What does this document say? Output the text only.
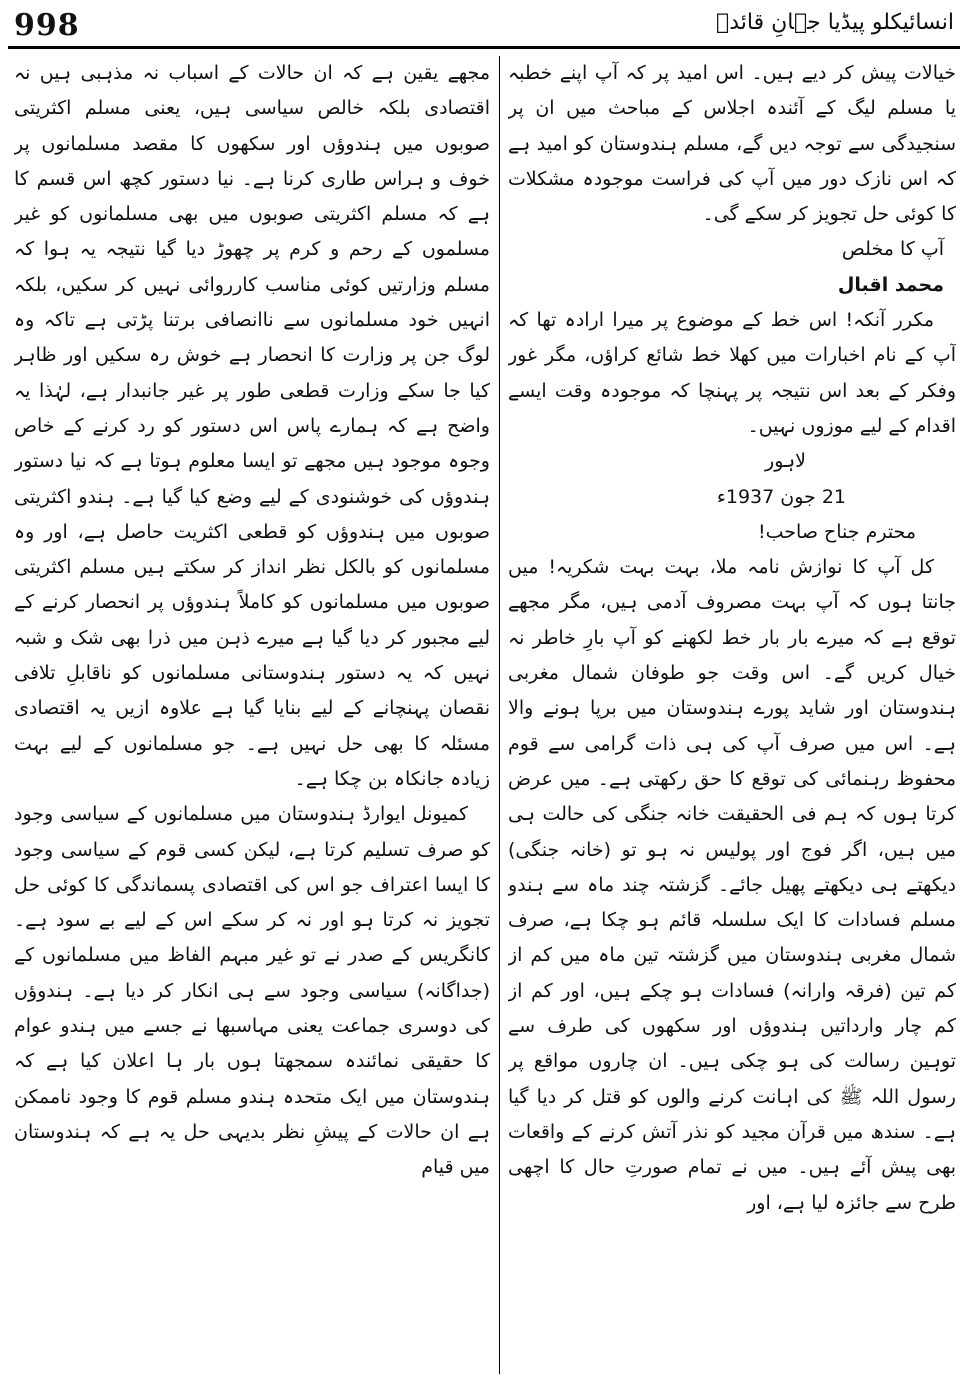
998	انسائیکلو پیڈیا جہانِ قائدؒ

خیالات پیش کر دیے ہیں۔ اس امید پر کہ آپ اپنے خطبہ یا مسلم لیگ کے آئندہ اجلاس کے مباحث میں ان پر سنجیدگی سے توجہ دیں گے، مسلم ہندوستان کو امید ہے کہ اس نازک دور میں آپ کی فراست موجودہ مشکلات کا کوئی حل تجویز کر سکے گی۔

آپ کا مخلص

محمد اقبال

مکرر آنکہ! اس خط کے موضوع پر میرا ارادہ تھا کہ آپ کے نام اخبارات میں کھلا خط شائع کراؤں، مگر غور وفکر کے بعد اس نتیجہ پر پہنچا کہ موجودہ وقت ایسے اقدام کے لیے موزوں نہیں۔

لاہور

21 جون 1937ء

محترم جناح صاحب!

کل آپ کا نوازش نامہ ملا، بہت بہت شکریہ! میں جانتا ہوں کہ آپ بہت مصروف آدمی ہیں، مگر مجھے توقع ہے کہ میرے بار بار خط لکھنے کو آپ بارِ خاطر نہ خیال کریں گے۔ اس وقت جو طوفان شمال مغربی ہندوستان اور شاید پورے ہندوستان میں برپا ہونے والا ہے۔ اس میں صرف آپ کی ہی ذات گرامی سے قوم محفوظ رہنمائی کی توقع کا حق رکھتی ہے۔ میں عرض کرتا ہوں کہ ہم فی الحقیقت خانہ جنگی کی حالت ہی میں ہیں، اگر فوج اور پولیس نہ ہو تو (خانہ جنگی) دیکھتے ہی دیکھتے پھیل جائے۔ گزشتہ چند ماہ سے ہندو مسلم فسادات کا ایک سلسلہ قائم ہو چکا ہے، صرف شمال مغربی ہندوستان میں گزشتہ تین ماہ میں کم از کم تین (فرقہ وارانہ) فسادات ہو چکے ہیں، اور کم از کم چار وارداتیں ہندوؤں اور سکھوں کی طرف سے توہین رسالت کی ہو چکی ہیں۔ ان چاروں مواقع پر رسول اللہ ﷺ کی اہانت کرنے والوں کو قتل کر دیا گیا ہے۔ سندھ میں قرآن مجید کو نذر آتش کرنے کے واقعات بھی پیش آئے ہیں۔ میں نے تمام صورتِ حال کا اچھی طرح سے جائزہ لیا ہے، اور

مجھے یقین ہے کہ ان حالات کے اسباب نہ مذہبی ہیں نہ اقتصادی بلکہ خالص سیاسی ہیں، یعنی مسلم اکثریتی صوبوں میں ہندوؤں اور سکھوں کا مقصد مسلمانوں پر خوف و ہراس طاری کرنا ہے۔ نیا دستور کچھ اس قسم کا ہے کہ مسلم اکثریتی صوبوں میں بھی مسلمانوں کو غیر مسلموں کے رحم و کرم پر چھوڑ دیا گیا نتیجہ یہ ہوا کہ مسلم وزارتیں کوئی مناسب کارروائی نہیں کر سکیں، بلکہ انہیں خود مسلمانوں سے ناانصافی برتنا پڑتی ہے تاکہ وہ لوگ جن پر وزارت کا انحصار ہے خوش رہ سکیں اور ظاہر کیا جا سکے وزارت قطعی طور پر غیر جانبدار ہے، لہٰذا یہ واضح ہے کہ ہمارے پاس اس دستور کو رد کرنے کے خاص وجوہ موجود ہیں مجھے تو ایسا معلوم ہوتا ہے کہ نیا دستور ہندوؤں کی خوشنودی کے لیے وضع کیا گیا ہے۔ ہندو اکثریتی صوبوں میں ہندوؤں کو قطعی اکثریت حاصل ہے، اور وہ مسلمانوں کو بالکل نظر انداز کر سکتے ہیں مسلم اکثریتی صوبوں میں مسلمانوں کو کاملاً ہندوؤں پر انحصار کرنے کے لیے مجبور کر دیا گیا ہے میرے ذہن میں ذرا بھی شک و شبہ نہیں کہ یہ دستور ہندوستانی مسلمانوں کو ناقابلِ تلافی نقصان پہنچانے کے لیے بنایا گیا ہے علاوہ ازیں یہ اقتصادی مسئلہ کا بھی حل نہیں ہے۔ جو مسلمانوں کے لیے بہت زیادہ جانکاہ بن چکا ہے۔

کمیونل ایوارڈ ہندوستان میں مسلمانوں کے سیاسی وجود کو صرف تسلیم کرتا ہے، لیکن کسی قوم کے سیاسی وجود کا ایسا اعتراف جو اس کی اقتصادی پسماندگی کا کوئی حل تجویز نہ کرتا ہو اور نہ کر سکے اس کے لیے بے سود ہے۔ کانگریس کے صدر نے تو غیر مبہم الفاظ میں مسلمانوں کے (جداگانہ) سیاسی وجود سے ہی انکار کر دیا ہے۔ ہندوؤں کی دوسری جماعت یعنی مہاسبھا نے جسے میں ہندو عوام کا حقیقی نمائندہ سمجھتا ہوں بار ہا اعلان کیا ہے کہ ہندوستان میں ایک متحدہ ہندو مسلم قوم کا وجود ناممکن ہے ان حالات کے پیشِ نظر بدیہی حل یہ ہے کہ ہندوستان میں قیام
